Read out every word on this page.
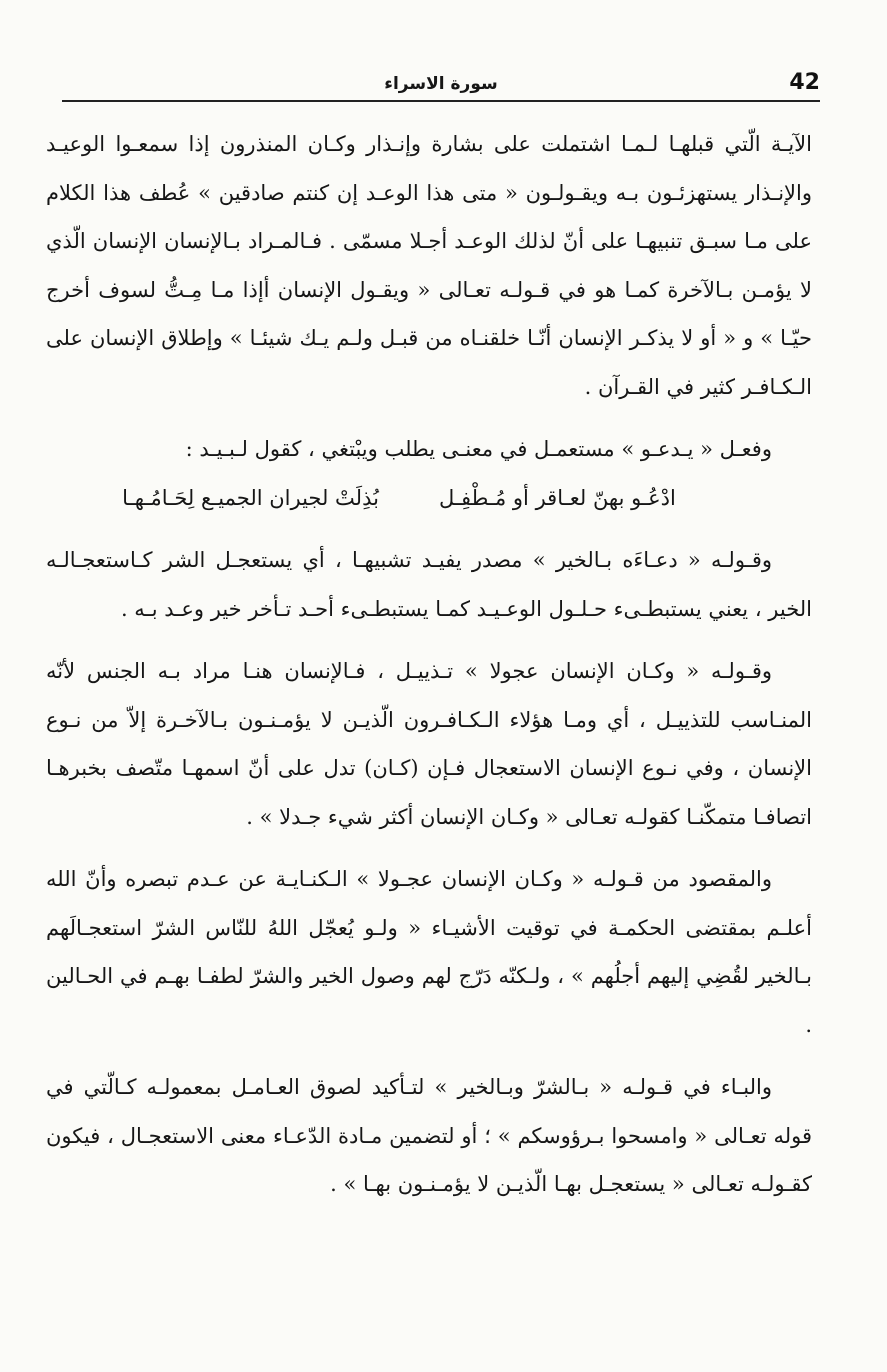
سورة الاسراء	42

الآيـة الّتي قبلهـا لـمـا اشتملت على بشارة وإنـذار وكـان المنذرون إذا سمعـوا الوعيـد والإنـذار يستهزئـون بـه ويقـولـون « متى هذا الوعـد إن كنتم صادقين » عُطف هذا الكلام على مـا سبـق تنبيهـا على أنّ لذلك الوعـد أجـلا مسمّى . فـالمـراد بـالإنسان الإنسان الّذي لا يؤمـن بـالآخرة كمـا هو في قـولـه تعـالى « ويقـول الإنسان أإذا مـا مِـتُّ لسوف أخرج حيّـا » و « أو لا يذكـر الإنسان أنّـا خلقنـاه من قبـل ولـم يـك شيئـا » وإطلاق الإنسان على الـكـافـر كثير في القـرآن .

وفعـل « يـدعـو » مستعمـل في معنـى يطلب ويبْتغي ، كقول لـبـيـد :

ادْعُـو بهنّ لعـاقر أو مُـطْفِـل
بُذِلَتْ لجيران الجميـع لِحَـامُـهـا

وقـولـه « دعـاءَه بـالخير » مصدر يفيـد تشبيهـا ، أي يستعجـل الشر كـاستعجـالـه الخير ، يعني يستبطـىء حـلـول الوعـيـد كمـا يستبطـىء أحـد تـأخر خير وعـد بـه .

وقـولـه « وكـان الإنسان عجولا » تـذييـل ، فـالإنسان هنـا مراد بـه الجنس لأنّه المنـاسب للتذييـل ، أي ومـا هؤلاء الـكـافـرون الّذيـن لا يؤمـنـون بـالآخـرة إلاّ من نـوع الإنسان ، وفي نـوع الإنسان الاستعجال فـإن (كـان) تدل على أنّ اسمهـا متّصف بخبرهـا اتصافـا متمكّنـا كقولـه تعـالى « وكـان الإنسان أكثر شيء جـدلا » .

والمقصود من قـولـه « وكـان الإنسان عجـولا » الـكنـايـة عن عـدم تبصره وأنّ الله أعلـم بمقتضى الحكمـة في توقيت الأشيـاء « ولـو يُعجّل اللهُ للنّاس الشرّ استعجـالَهم بـالخير لقُضِي إليهم أجلُهم » ، ولـكنّه دَرّج لهم وصول الخير والشرّ لطفـا بهـم في الحـالين .

والبـاء في قـولـه « بـالشرّ وبـالخير » لتـأكيد لصوق العـامـل بمعمولـه كـالّتي في قوله تعـالى « وامسحوا بـرؤوسكم » ؛ أو لتضمين مـادة الدّعـاء معنى الاستعجـال ، فيكون كقـولـه تعـالى « يستعجـل بهـا الّذيـن لا يؤمـنـون بهـا » .
